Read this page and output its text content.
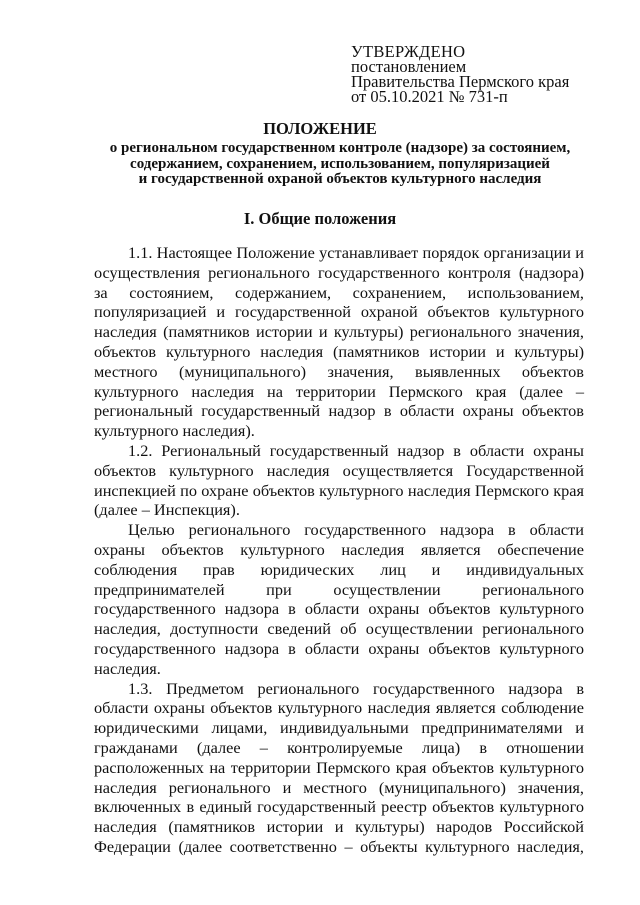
УТВЕРЖДЕНО
постановлением
Правительства Пермского края
от 05.10.2021 № 731-п
ПОЛОЖЕНИЕ
о региональном государственном контроле (надзоре) за состоянием,
содержанием, сохранением, использованием, популяризацией
и государственной охраной объектов культурного наследия
I. Общие положения

1.1. Настоящее Положение устанавливает порядок организации и осуществления регионального государственного контроля (надзора) за состоянием, содержанием, сохранением, использованием, популяризацией и государственной охраной объектов культурного наследия (памятников истории и культуры) регионального значения, объектов культурного наследия (памятников истории и культуры) местного (муниципального) значения, выявленных объектов культурного наследия на территории Пермского края (далее – региональный государственный надзор в области охраны объектов культурного наследия).

1.2. Региональный государственный надзор в области охраны объектов культурного наследия осуществляется Государственной инспекцией по охране объектов культурного наследия Пермского края (далее – Инспекция).

Целью регионального государственного надзора в области охраны объектов культурного наследия является обеспечение соблюдения прав юридических лиц и индивидуальных предпринимателей при осуществлении регионального государственного надзора в области охраны объектов культурного наследия, доступности сведений об осуществлении регионального государственного надзора в области охраны объектов культурного наследия.

1.3. Предметом регионального государственного надзора в области охраны объектов культурного наследия является соблюдение юридическими лицами, индивидуальными предпринимателями и гражданами (далее – контролируемые лица) в отношении расположенных на территории Пермского края объектов культурного наследия регионального и местного (муниципального) значения, включенных в единый государственный реестр объектов культурного наследия (памятников истории и культуры) народов Российской Федерации (далее соответственно – объекты культурного наследия,
